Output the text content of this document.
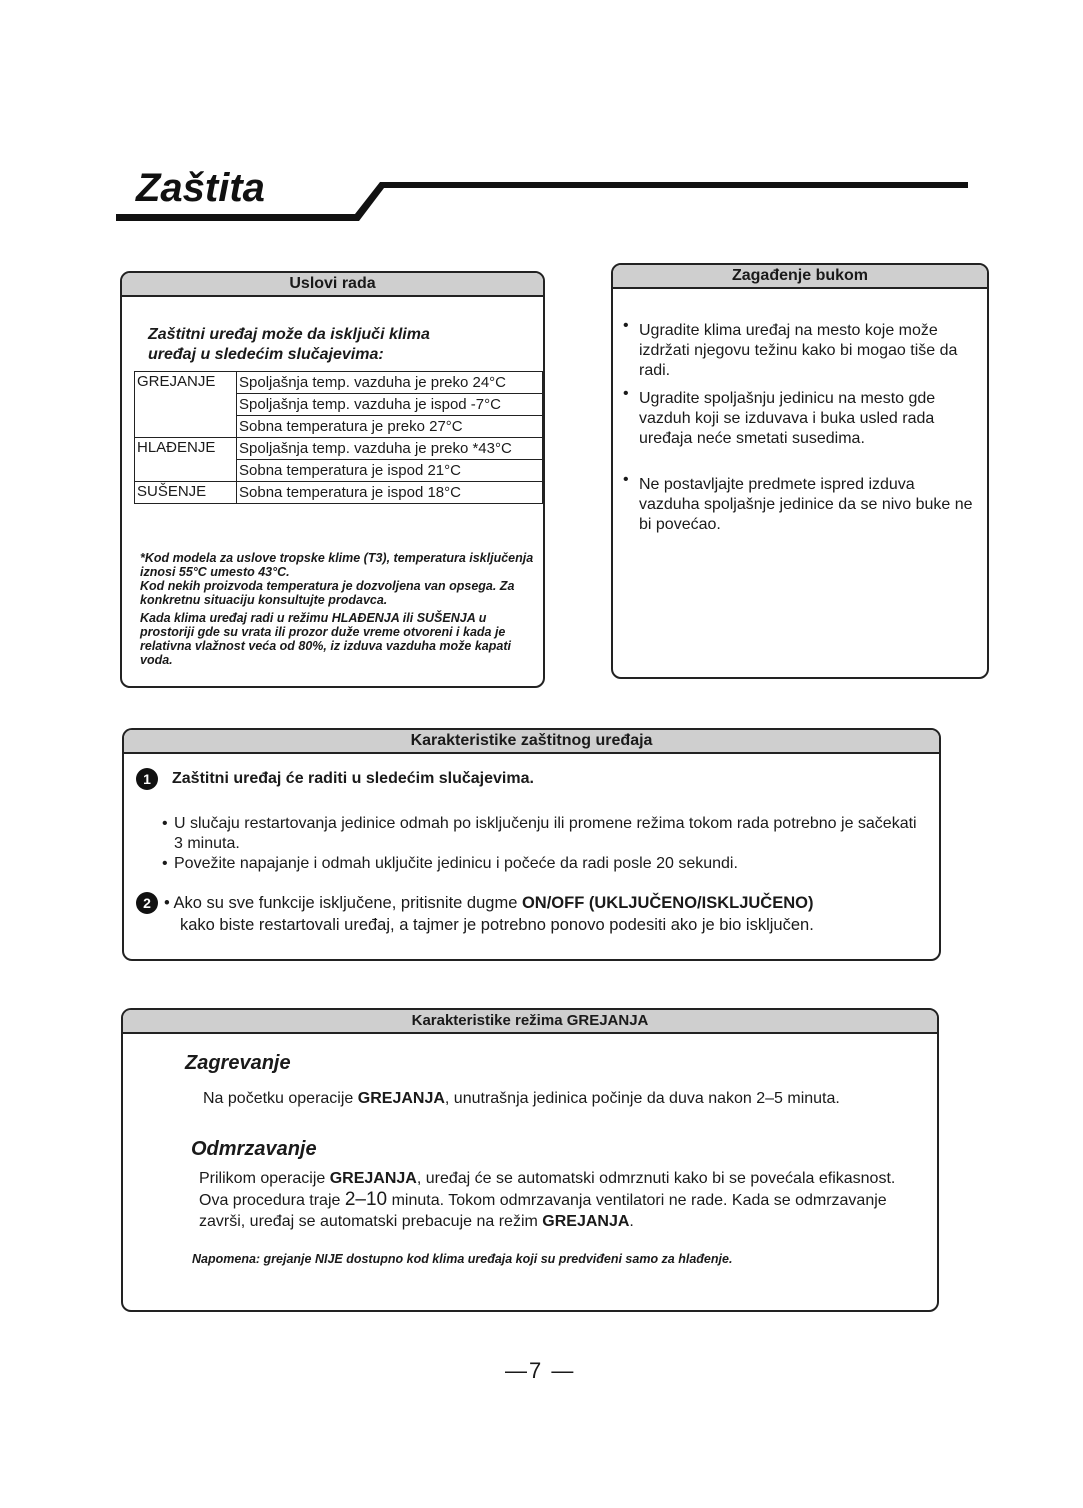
Zaštita
Uslovi rada
Zaštitni uređaj može da isključi klima uređaj u sledećim slučajevima:
GREJANJE	Spoljašnja temp. vazduha je preko 24°C
	Spoljašnja temp. vazduha je ispod -7°C
	Sobna temperatura je preko 27°C
HLAĐENJE	Spoljašnja temp. vazduha je preko *43°C
	Sobna temperatura je ispod 21°C
SUŠENJE	Sobna temperatura je ispod 18°C

*Kod modela za uslove tropske klime (T3), temperatura isključenja iznosi 55°C umesto 43°C.

Kod nekih proizvoda temperatura je dozvoljena van opsega. Za konkretnu situaciju konsultujte prodavca.

Kada klima uređaj radi u režimu HLAĐENJA ili SUŠENJA u prostoriji gde su vrata ili prozor duže vreme otvoreni i kada je relativna vlažnost veća od 80%, iz izduva vazduha može kapati voda.

Zagađenje bukom
• Ugradite klima uređaj na mesto koje može izdržati njegovu težinu kako bi mogao tiše da radi.
• Ugradite spoljašnju jedinicu na mesto gde vazduh koji se izduvava i buka usled rada uređaja neće smetati susedima.
• Ne postavljajte predmete ispred izduva vazduha spoljašnje jedinice da se nivo buke ne bi povećao.
Karakteristike zaštitnog uređaja
1	Zaštitni uređaj će raditi u sledećim slučajevima.
• U slučaju restartovanja jedinice odmah po isključenju ili promene režima tokom rada potrebno je sačekati 3 minuta.
• Povežite napajanje i odmah uključite jedinicu i počeće da radi posle 20 sekundi.
2 • Ako su sve funkcije isključene, pritisnite dugme ON/OFF (UKLJUČENO/ISKLJUČENO)
kako biste restartovali uređaj, a tajmer je potrebno ponovo podesiti ako je bio isključen.
Karakteristike režima GREJANJA
Zagrevanje
Na početku operacije GREJANJA, unutrašnja jedinica počinje da duva nakon 2–5 minuta.
Odmrzavanje
Prilikom operacije GREJANJA, uređaj će se automatski odmrznuti kako bi se povećala efikasnost. Ova procedura traje 2–10 minuta. Tokom odmrzavanja ventilatori ne rade. Kada se odmrzavanje završi, uređaj se automatski prebacuje na režim GREJANJA.
Napomena: grejanje NIJE dostupno kod klima uređaja koji su predviđeni samo za hlađenje.
—7 —
